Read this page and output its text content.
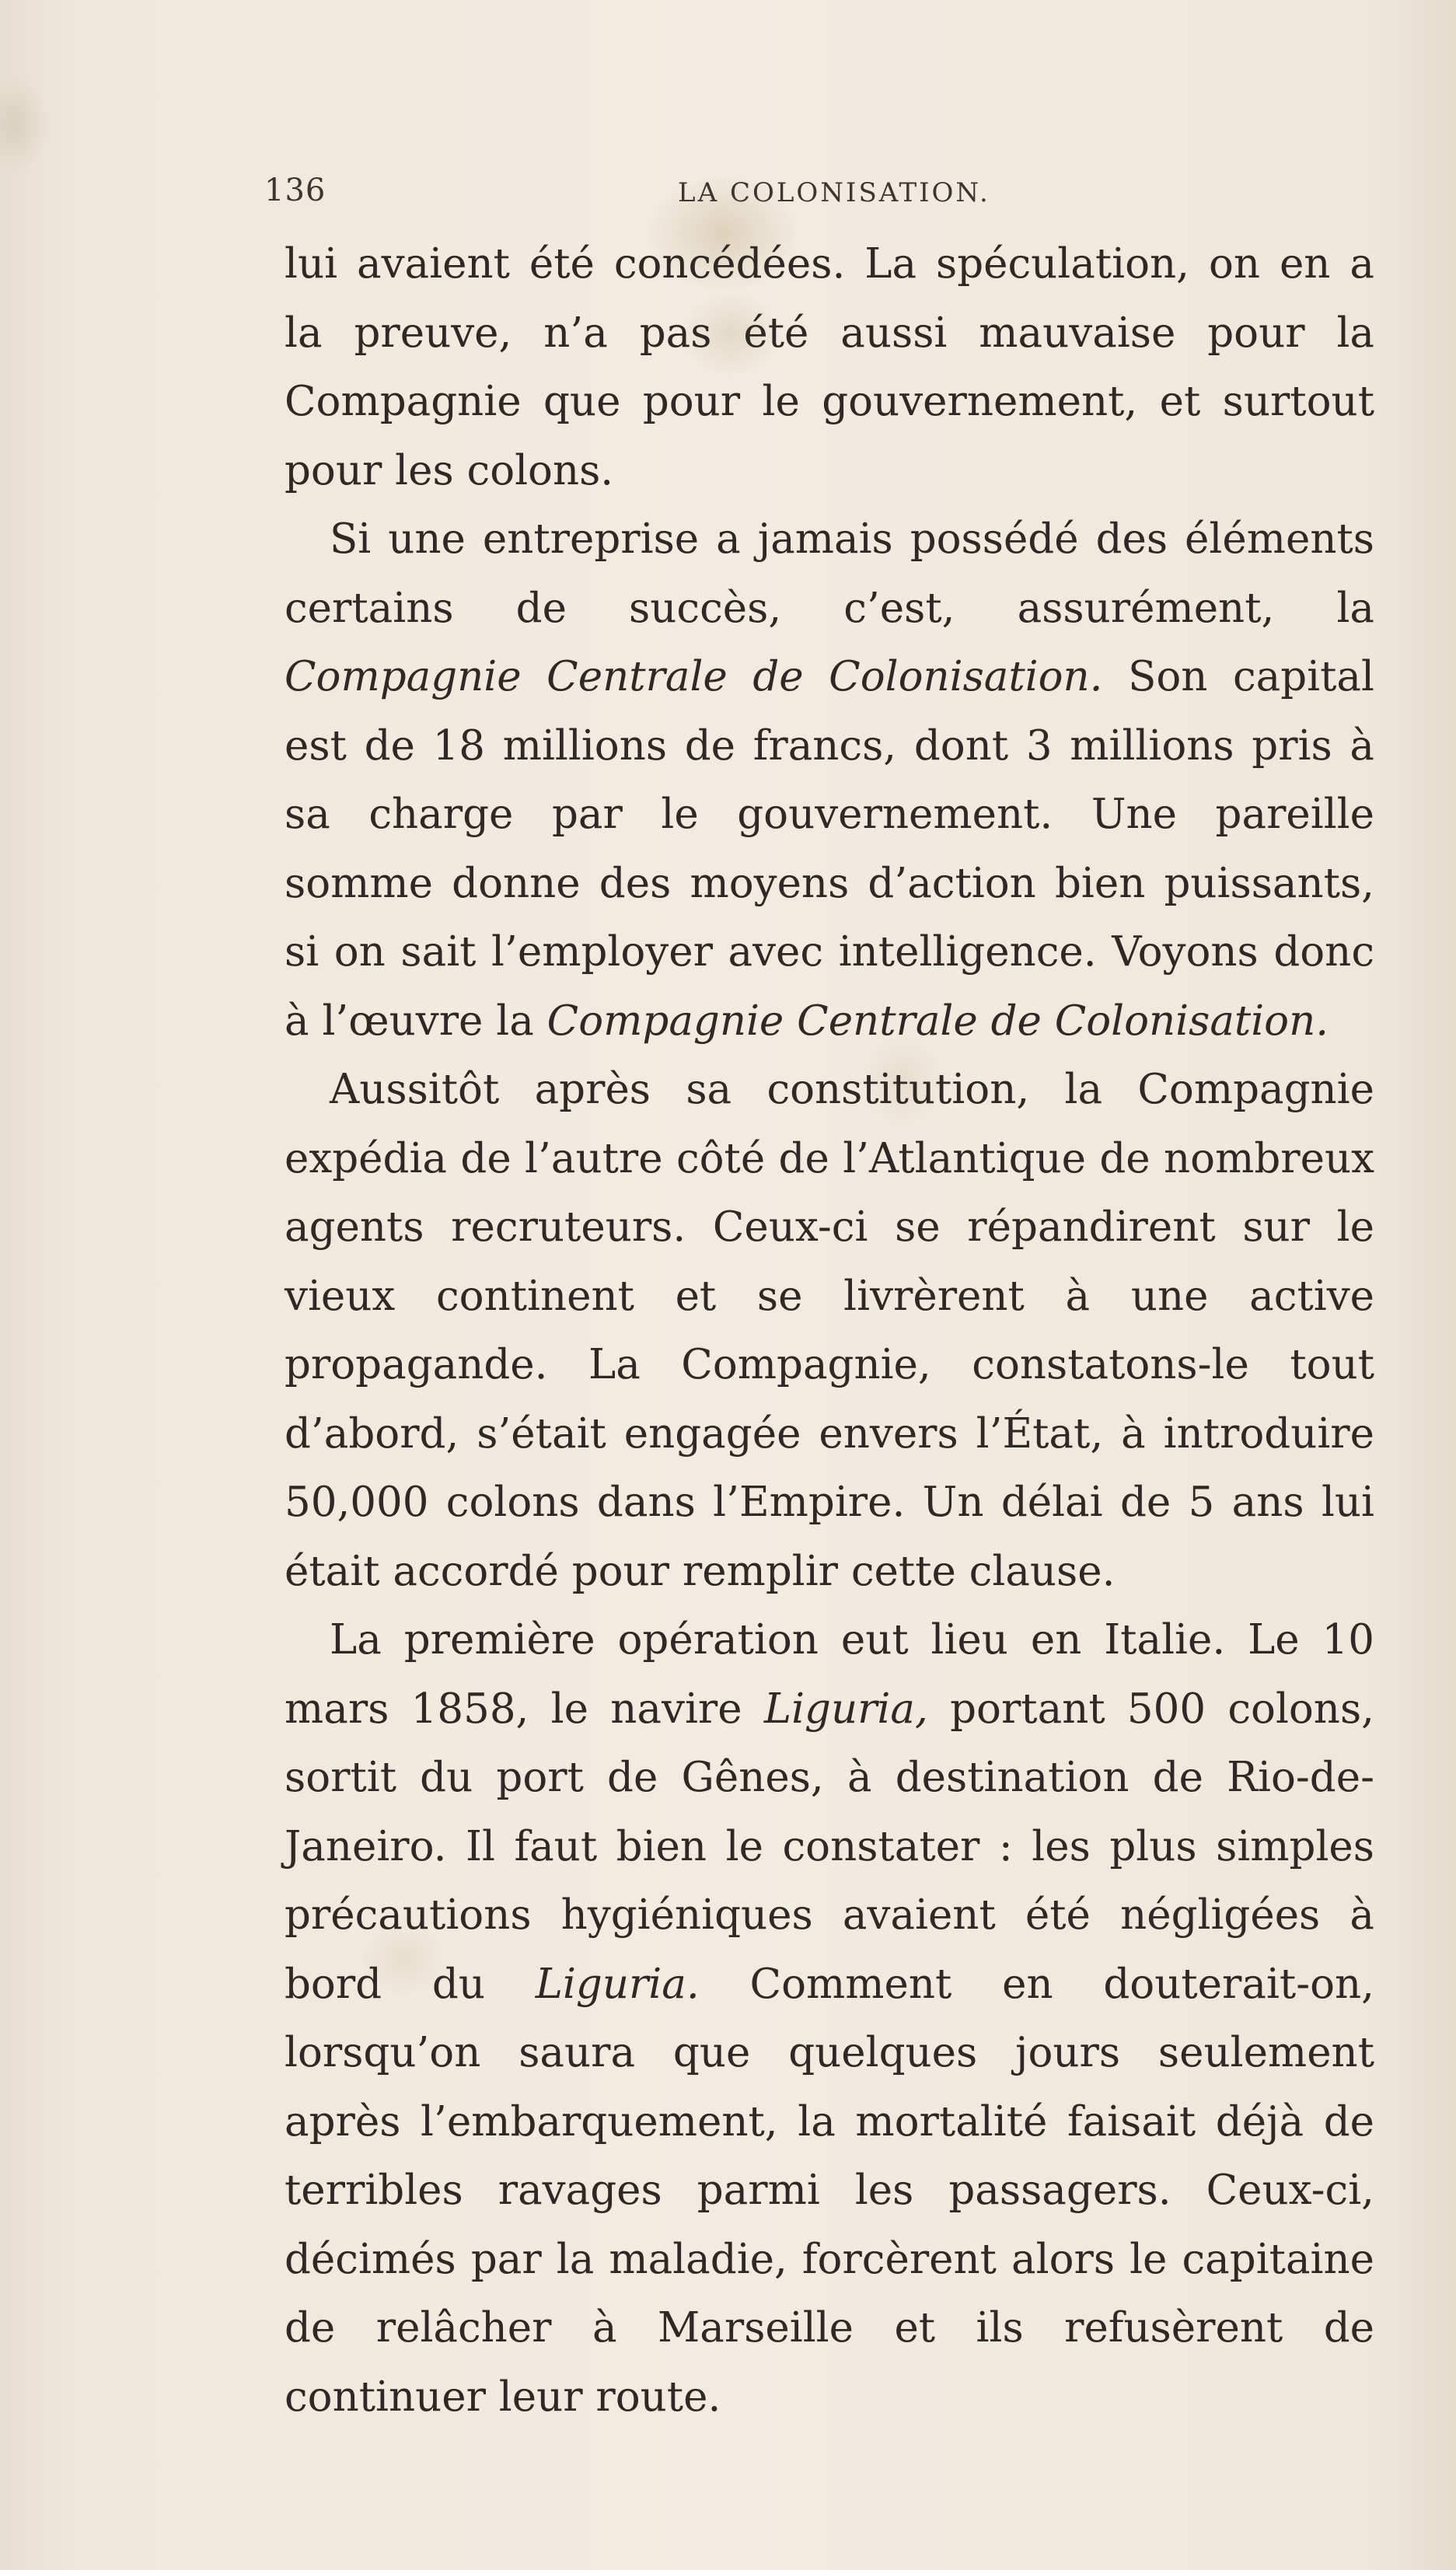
136	LA COLONISATION.

lui avaient été concédées. La spéculation, on en a la preuve, n’a pas été aussi mauvaise pour la Compagnie que pour le gouvernement, et surtout pour les colons.

Si une entreprise a jamais possédé des éléments certains de succès, c’est, assurément, la Compagnie Centrale de Colonisation. Son capital est de 18 millions de francs, dont 3 millions pris à sa charge par le gouvernement. Une pareille somme donne des moyens d’action bien puissants, si on sait l’employer avec intelligence. Voyons donc à l’œuvre la Compagnie Centrale de Colonisation.

Aussitôt après sa constitution, la Compagnie expédia de l’autre côté de l’Atlantique de nombreux agents recruteurs. Ceux-ci se répandirent sur le vieux continent et se livrèrent à une active propagande. La Compagnie, constatons-le tout d’abord, s’était engagée envers l’État, à introduire 50,000 colons dans l’Empire. Un délai de 5 ans lui était accordé pour remplir cette clause.

La première opération eut lieu en Italie. Le 10 mars 1858, le navire Liguria, portant 500 colons, sortit du port de Gênes, à destination de Rio-de-Janeiro. Il faut bien le constater : les plus simples précautions hygiéniques avaient été négligées à bord du Liguria. Comment en douterait-on, lorsqu’on saura que quelques jours seulement après l’embarquement, la mortalité faisait déjà de terribles ravages parmi les passagers. Ceux-ci, décimés par la maladie, forcèrent alors le capitaine de relâcher à Marseille et ils refusèrent de continuer leur route.
